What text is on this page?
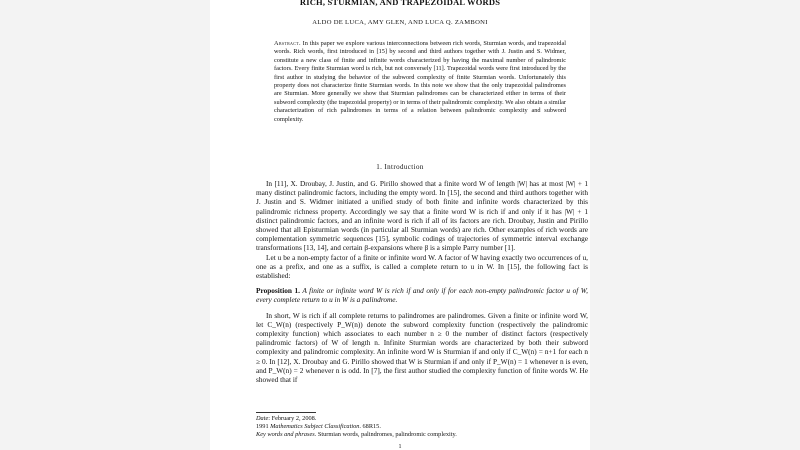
RICH, STURMIAN, AND TRAPEZOIDAL WORDS
ALDO DE LUCA, AMY GLEN, AND LUCA Q. ZAMBONI
Abstract. In this paper we explore various interconnections between rich words, Sturmian words, and trapezoidal words. Rich words, first introduced in [15] by second and third authors together with J. Justin and S. Widmer, constitute a new class of finite and infinite words characterized by having the maximal number of palindromic factors. Every finite Sturmian word is rich, but not conversely [11]. Trapezoidal words were first introduced by the first author in studying the behavior of the subword complexity of finite Sturmian words. Unfortunately this property does not characterize finite Sturmian words. In this note we show that the only trapezoidal palindromes are Sturmian. More generally we show that Sturmian palindromes can be characterized either in terms of their subword complexity (the trapezoidal property) or in terms of their palindromic complexity. We also obtain a similar characterization of rich palindromes in terms of a relation between palindromic complexity and subword complexity.
1. Introduction

In [11], X. Droubay, J. Justin, and G. Pirillo showed that a finite word W of length |W| has at most |W| + 1 many distinct palindromic factors, including the empty word. In [15], the second and third authors together with J. Justin and S. Widmer initiated a unified study of both finite and infinite words characterized by this palindromic richness property. Accordingly we say that a finite word W is rich if and only if it has |W| + 1 distinct palindromic factors, and an infinite word is rich if all of its factors are rich. Droubay, Justin and Pirillo showed that all Episturmian words (in particular all Sturmian words) are rich. Other examples of rich words are complementation symmetric sequences [15], symbolic codings of trajectories of symmetric interval exchange transformations [13, 14], and certain β-expansions where β is a simple Parry number [1].

Let u be a non-empty factor of a finite or infinite word W. A factor of W having exactly two occurrences of u, one as a prefix, and one as a suffix, is called a complete return to u in W. In [15], the following fact is established:

Proposition 1. A finite or infinite word W is rich if and only if for each non-empty palindromic factor u of W, every complete return to u in W is a palindrome.

In short, W is rich if all complete returns to palindromes are palindromes. Given a finite or infinite word W, let C_W(n) (respectively P_W(n)) denote the subword complexity function (respectively the palindromic complexity function) which associates to each number n ≥ 0 the number of distinct factors (respectively palindromic factors) of W of length n. Infinite Sturmian words are characterized by both their subword complexity and palindromic complexity. An infinite word W is Sturmian if and only if C_W(n) = n+1 for each n ≥ 0. In [12], X. Droubay and G. Pirillo showed that W is Sturmian if and only if P_W(n) = 1 whenever n is even, and P_W(n) = 2 whenever n is odd. In [7], the first author studied the complexity function of finite words W. He showed that if

Date: February 2, 2008.
1991 Mathematics Subject Classification. 68R15.
Key words and phrases. Sturmian words, palindromes, palindromic complexity.
1
